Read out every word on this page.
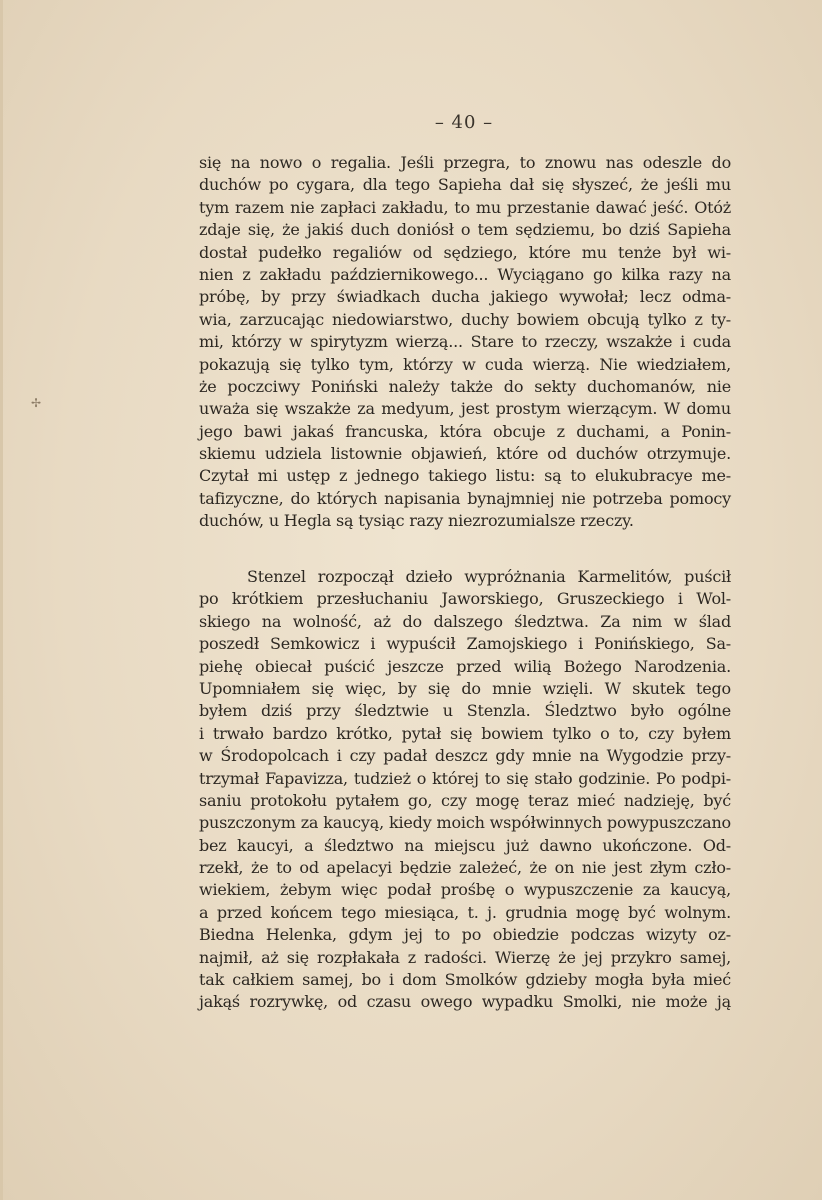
– 40 –
✢
się na nowo o regalia. Jeśli przegra, to znowu nas odeszle do
duchów po cygara, dla tego Sapieha dał się słyszeć, że jeśli mu
tym razem nie zapłaci zakładu, to mu przestanie dawać jeść. Otóż
zdaje się, że jakiś duch doniósł o tem sędziemu, bo dziś Sapieha
dostał pudełko regaliów od sędziego, które mu tenże był wi-
nien z zakładu październikowego... Wyciągano go kilka razy na
próbę, by przy świadkach ducha jakiego wywołał; lecz odma-
wia, zarzucając niedowiarstwo, duchy bowiem obcują tylko z ty-
mi, którzy w spirytyzm wierzą... Stare to rzeczy, wszakże i cuda
pokazują się tylko tym, którzy w cuda wierzą. Nie wiedziałem,
że poczciwy Poniński należy także do sekty duchomanów, nie
uważa się wszakże za medyum, jest prostym wierzącym. W domu
jego bawi jakaś francuska, która obcuje z duchami, a Ponin-
skiemu udziela listownie objawień, które od duchów otrzymuje.
Czytał mi ustęp z jednego takiego listu: są to elukubracye me-
tafizyczne, do których napisania bynajmniej nie potrzeba pomocy
duchów, u Hegla są tysiąc razy niezrozumialsze rzeczy.
Stenzel rozpoczął dzieło wypróżnania Karmelitów, puścił
po krótkiem przesłuchaniu Jaworskiego, Gruszeckiego i Wol-
skiego na wolność, aż do dalszego śledztwa. Za nim w ślad
poszedł Semkowicz i wypuścił Zamojskiego i Ponińskiego, Sa-
piehę obiecał puścić jeszcze przed wilią Bożego Narodzenia.
Upomniałem się więc, by się do mnie wzięli. W skutek tego
byłem dziś przy śledztwie u Stenzla. Śledztwo było ogólne
i trwało bardzo krótko, pytał się bowiem tylko o to, czy byłem
w Środopolcach i czy padał deszcz gdy mnie na Wygodzie przy-
trzymał Fapavizza, tudzież o której to się stało godzinie. Po podpi-
saniu protokołu pytałem go, czy mogę teraz mieć nadzieję, być
puszczonym za kaucyą, kiedy moich współwinnych powypuszczano
bez kaucyi, a śledztwo na miejscu już dawno ukończone. Od-
rzekł, że to od apelacyi będzie zależeć, że on nie jest złym czło-
wiekiem, żebym więc podał prośbę o wypuszczenie za kaucyą,
a przed końcem tego miesiąca, t. j. grudnia mogę być wolnym.
Biedna Helenka, gdym jej to po obiedzie podczas wizyty oz-
najmił, aż się rozpłakała z radości. Wierzę że jej przykro samej,
tak całkiem samej, bo i dom Smolków gdzieby mogła była mieć
jakąś rozrywkę, od czasu owego wypadku Smolki, nie może ją
